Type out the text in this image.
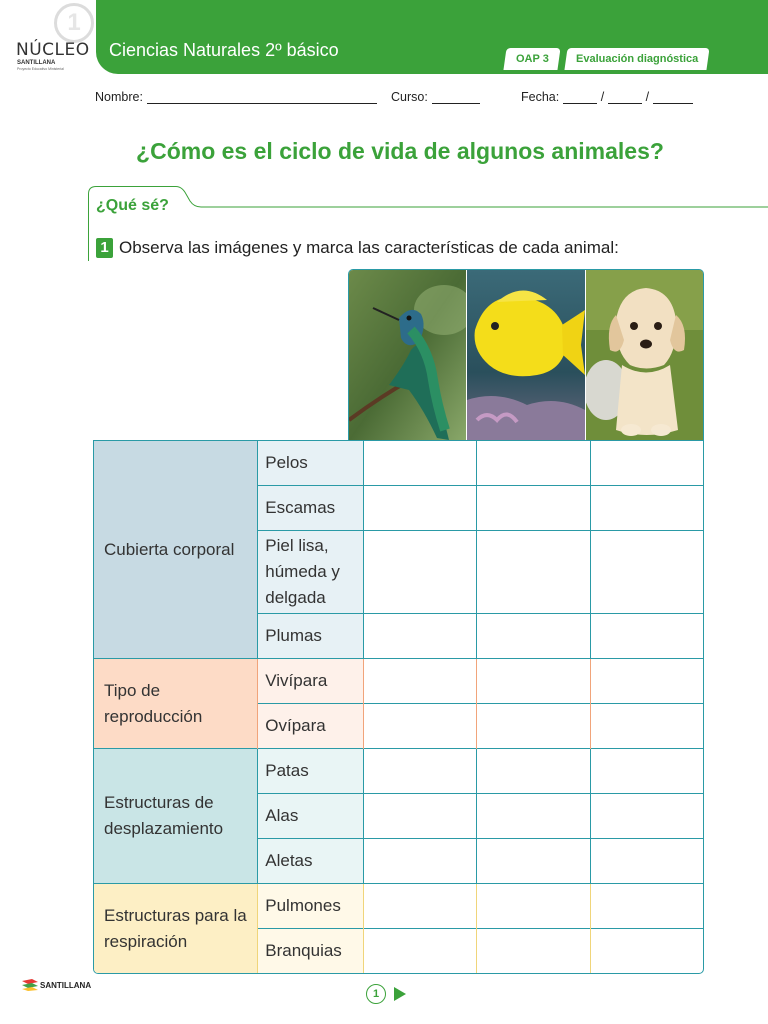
1
NÚCLEO
SANTILLANA
Proyecto Educativo Ministerial
Ciencias Naturales 2º básico	OAP 3 Evaluación diagnóstica
Nombre:	Curso:	Fecha:	/	/
¿Cómo es el ciclo de vida de algunos animales?
¿Qué sé?
1 Observa las imágenes y marca las características de cada animal:
Cubierta corporal	Pelos			
	Escamas			
	Piel lisa, húmeda y delgada			
	Plumas			
Tipo de reproducción	Vivípara			
	Ovípara			
Estructuras de desplazamiento	Patas			
	Alas			
	Aletas			
Estructuras para la respiración	Pulmones			
	Branquias			
SANTILLANA
1
